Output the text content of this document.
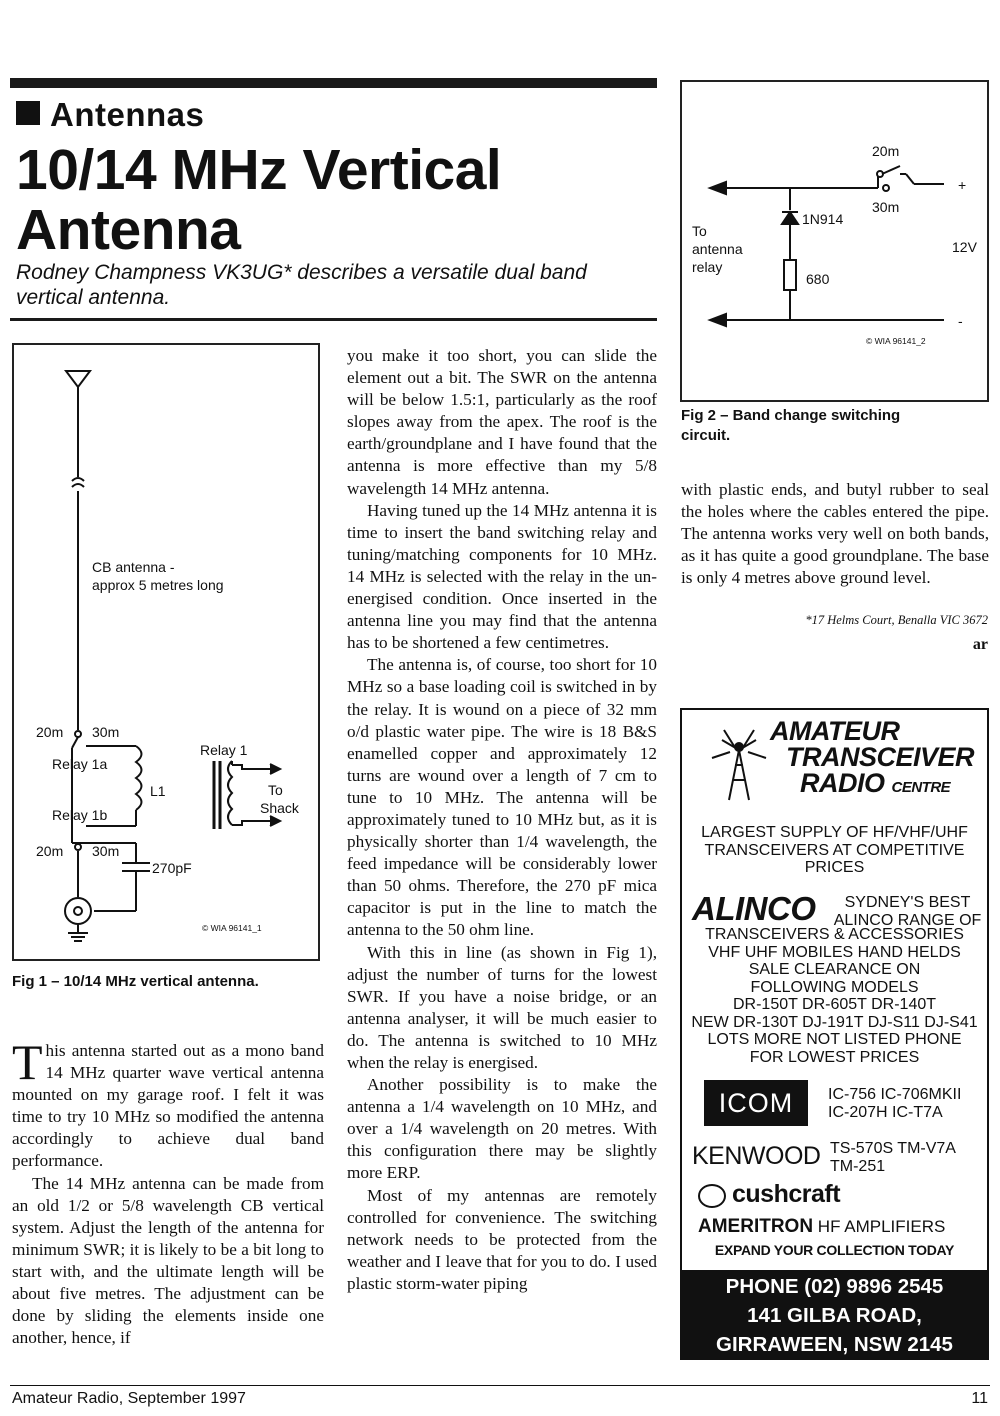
Antennas
10/14 MHz Vertical
Antenna
Rodney Champness VK3UG* describes a versatile dual band
vertical antenna.
CB antenna -
approx 5 metres long
20m 30m
Relay 1a
L1
Relay 1b
20m 30m
270pF
Relay 1
To
Shack
© WIA 96141_1
Fig 1 – 10/14 MHz vertical antenna.

This antenna started out as a mono band 14 MHz quarter wave vertical antenna mounted on my garage roof. I felt it was time to try 10 MHz so modified the antenna accordingly to achieve dual band performance.

The 14 MHz antenna can be made from an old 1/2 or 5/8 wavelength CB vertical system. Adjust the length of the antenna for minimum SWR; it is likely to be a bit long to start with, and the ultimate length will be about five metres. The adjustment can be done by sliding the elements inside one another, hence, if

you make it too short, you can slide the element out a bit. The SWR on the antenna will be below 1.5:1, particularly as the roof slopes away from the apex. The roof is the earth/groundplane and I have found that the antenna is more effective than my 5/8 wavelength 14 MHz antenna.

Having tuned up the 14 MHz antenna it is time to insert the band switching relay and tuning/matching components for 10 MHz. 14 MHz is selected with the relay in the un-energised condition. Once inserted in the antenna line you may find that the antenna has to be shortened a few centimetres.

The antenna is, of course, too short for 10 MHz so a base loading coil is switched in by the relay. It is wound on a piece of 32 mm o/d plastic water pipe. The wire is 18 B&S enamelled copper and approximately 12 turns are wound over a length of 7 cm to tune to 10 MHz. The antenna will be approximately tuned to 10 MHz but, as it is physically shorter than 1/4 wavelength, the feed impedance will be considerably lower than 50 ohms. Therefore, the 270 pF mica capacitor is put in the line to match the antenna to the 50 ohm line.

With this in line (as shown in Fig 1), adjust the number of turns for the lowest SWR. If you have a noise bridge, or an antenna analyser, it will be much easier to do. The antenna is switched to 10 MHz when the relay is energised.

Another possibility is to make the antenna a 1/4 wavelength on 10 MHz, and over a 1/4 wavelength on 20 metres. With this configuration there may be slightly more ERP.

Most of my antennas are remotely controlled for convenience. The switching network needs to be protected from the weather and I leave that for you to do. I used plastic storm-water piping

20m
30m
+
-
1N914
680
12V
To
antenna
relay
© WIA 96141_2
Fig 2 – Band change switching
circuit.

with plastic ends, and butyl rubber to seal the holes where the cables entered the pipe. The antenna works very well on both bands, as it has quite a good groundplane. The base is only 4 metres above ground level.

*17 Helms Court, Benalla VIC 3672
ar
AMATEUR
TRANSCEIVER
RADIO CENTRE
LARGEST SUPPLY OF HF/VHF/UHF
TRANSCEIVERS AT COMPETITIVE
PRICES
ALINCO	SYDNEY'S BEST
ALINCO RANGE OF
TRANSCEIVERS & ACCESSORIES
VHF UHF MOBILES HAND HELDS
SALE CLEARANCE ON
FOLLOWING MODELS
DR-150T DR-605T DR-140T
NEW DR-130T DJ-191T DJ-S11 DJ-S41
LOTS MORE NOT LISTED PHONE
FOR LOWEST PRICES
ICOM	IC-756 IC-706MKII
IC-207H IC-T7A
KENWOOD TS-570S TM-V7A
TM-251
cushcraft
AMERITRON HF AMPLIFIERS
EXPAND YOUR COLLECTION TODAY
PHONE (02) 9896 2545
141 GILBA ROAD,
GIRRAWEEN, NSW 2145
Amateur Radio, September 1997	11
